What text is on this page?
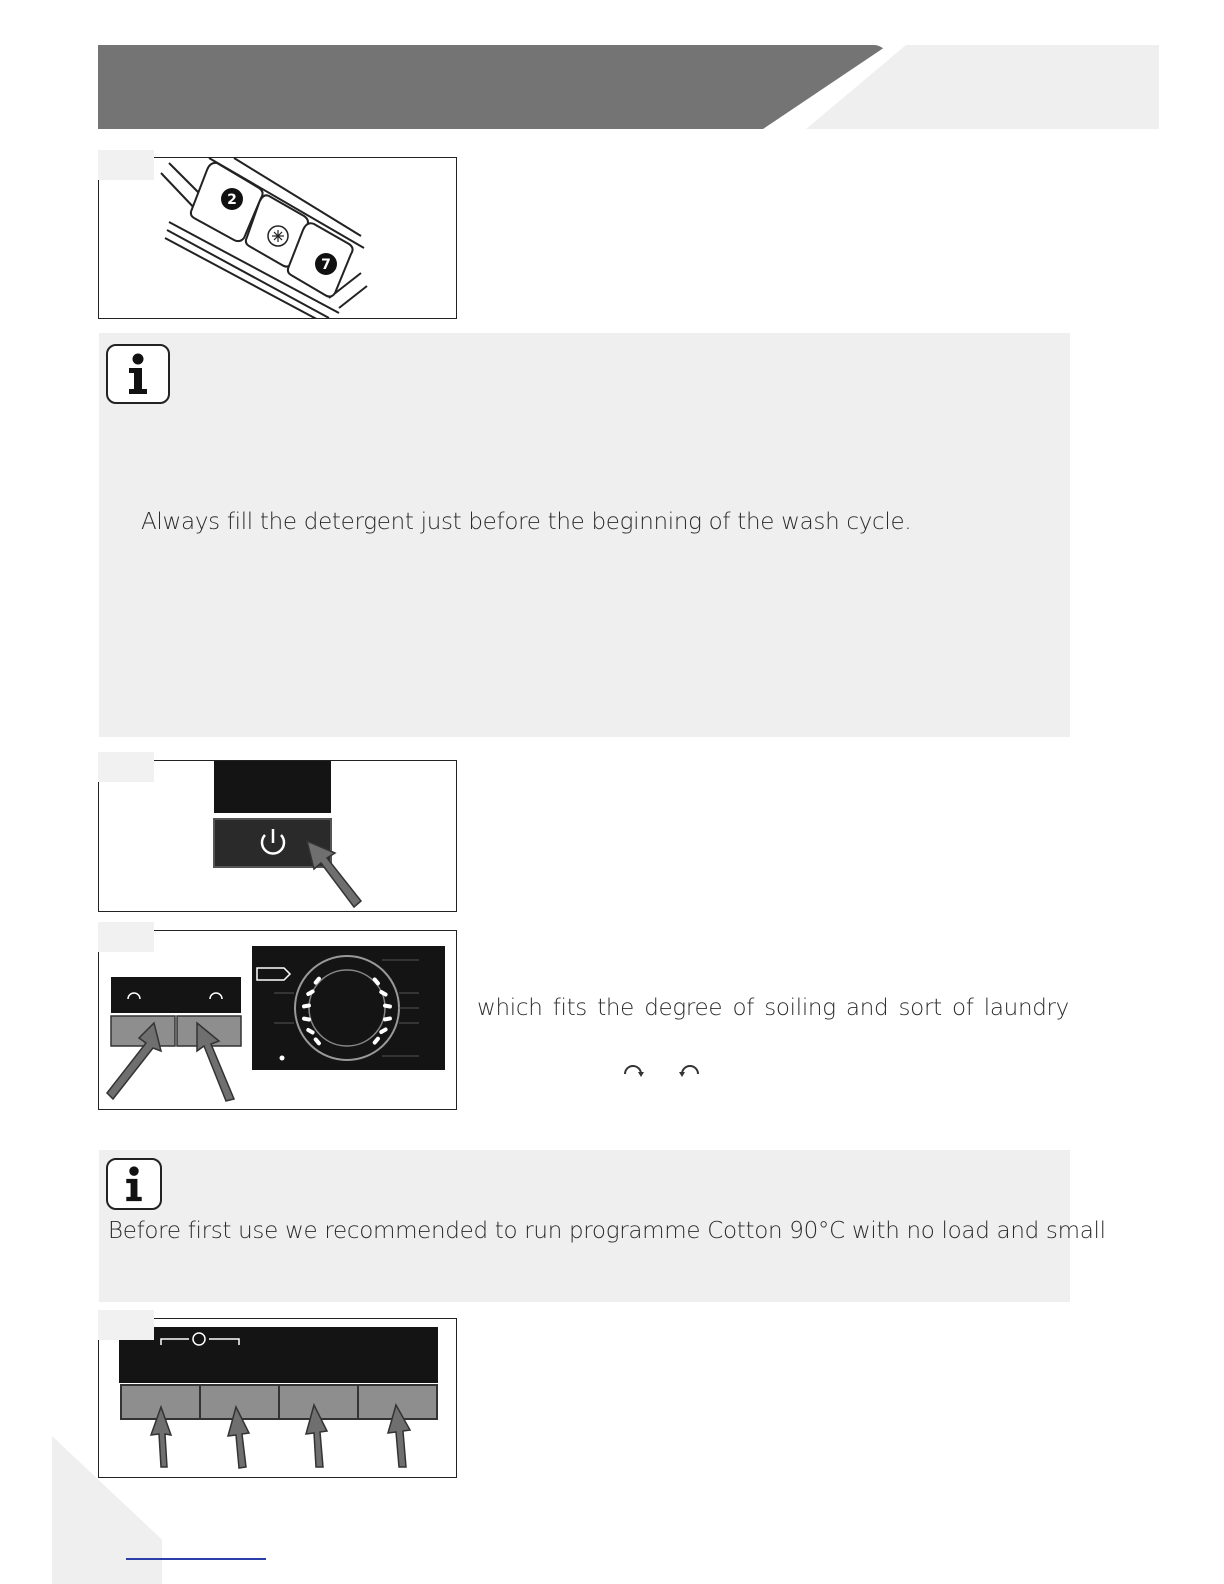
2
7
Always fill the detergent just before the beginning of the wash cycle.
which fits the degree of soiling and sort of laundry
Before first use we recommended to run programme Cotton 90°C with no load and small
